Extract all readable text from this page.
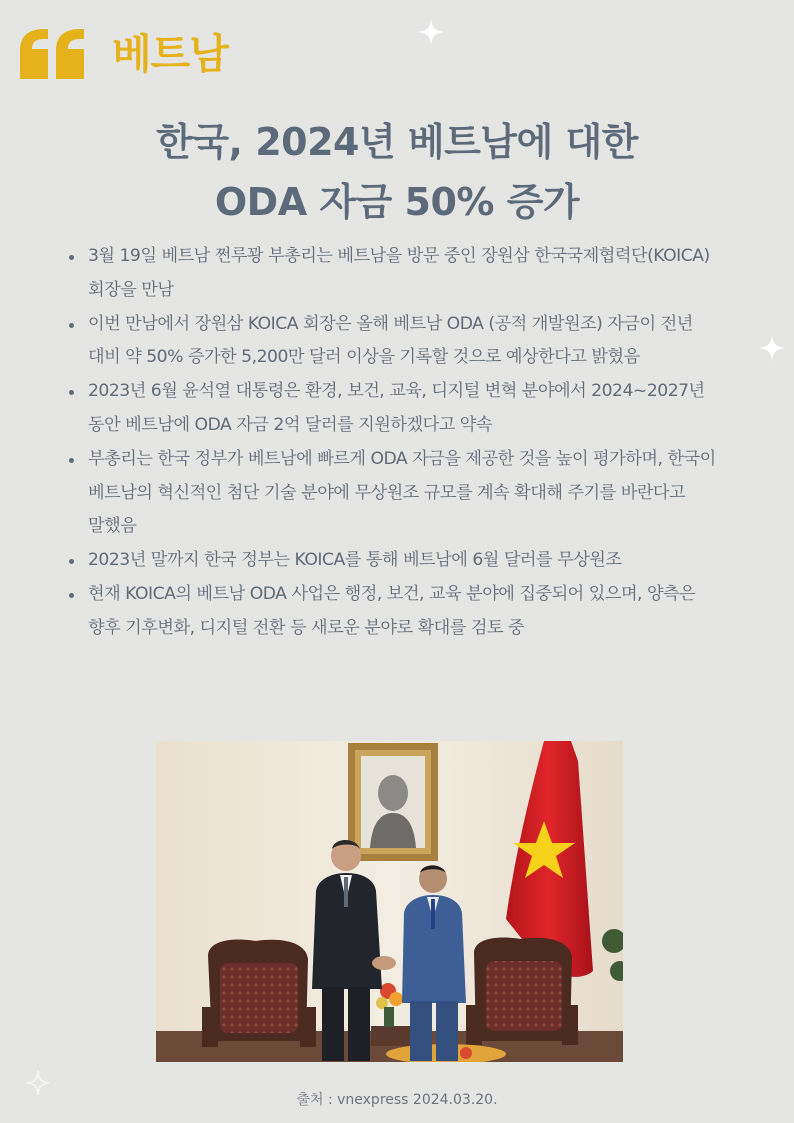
베트남
한국, 2024년 베트남에 대한
ODA 자금 50% 증가
3월 19일 베트남 쩐루꽝 부총리는 베트남을 방문 중인 장원삼 한국국제협력단(KOICA) 회장을 만남
이번 만남에서 장원삼 KOICA 회장은 올해 베트남 ODA (공적 개발원조) 자금이 전년 대비 약 50% 증가한 5,200만 달러 이상을 기록할 것으로 예상한다고 밝혔음
2023년 6월 윤석열 대통령은 환경, 보건, 교육, 디지털 변혁 분야에서 2024~2027년 동안 베트남에 ODA 자금 2억 달러를 지원하겠다고 약속
부총리는 한국 정부가 베트남에 빠르게 ODA 자금을 제공한 것을 높이 평가하며, 한국이 베트남의 혁신적인 첨단 기술 분야에 무상원조 규모를 계속 확대해 주기를 바란다고 말했음
2023년 말까지 한국 정부는 KOICA를 통해 베트남에 6월 달러를 무상원조
현재 KOICA의 베트남 ODA 사업은 행정, 보건, 교육 분야에 집중되어 있으며, 양측은 향후 기후변화, 디지털 전환 등 새로운 분야로 확대를 검토 중
출처 : vnexpress 2024.03.20.
